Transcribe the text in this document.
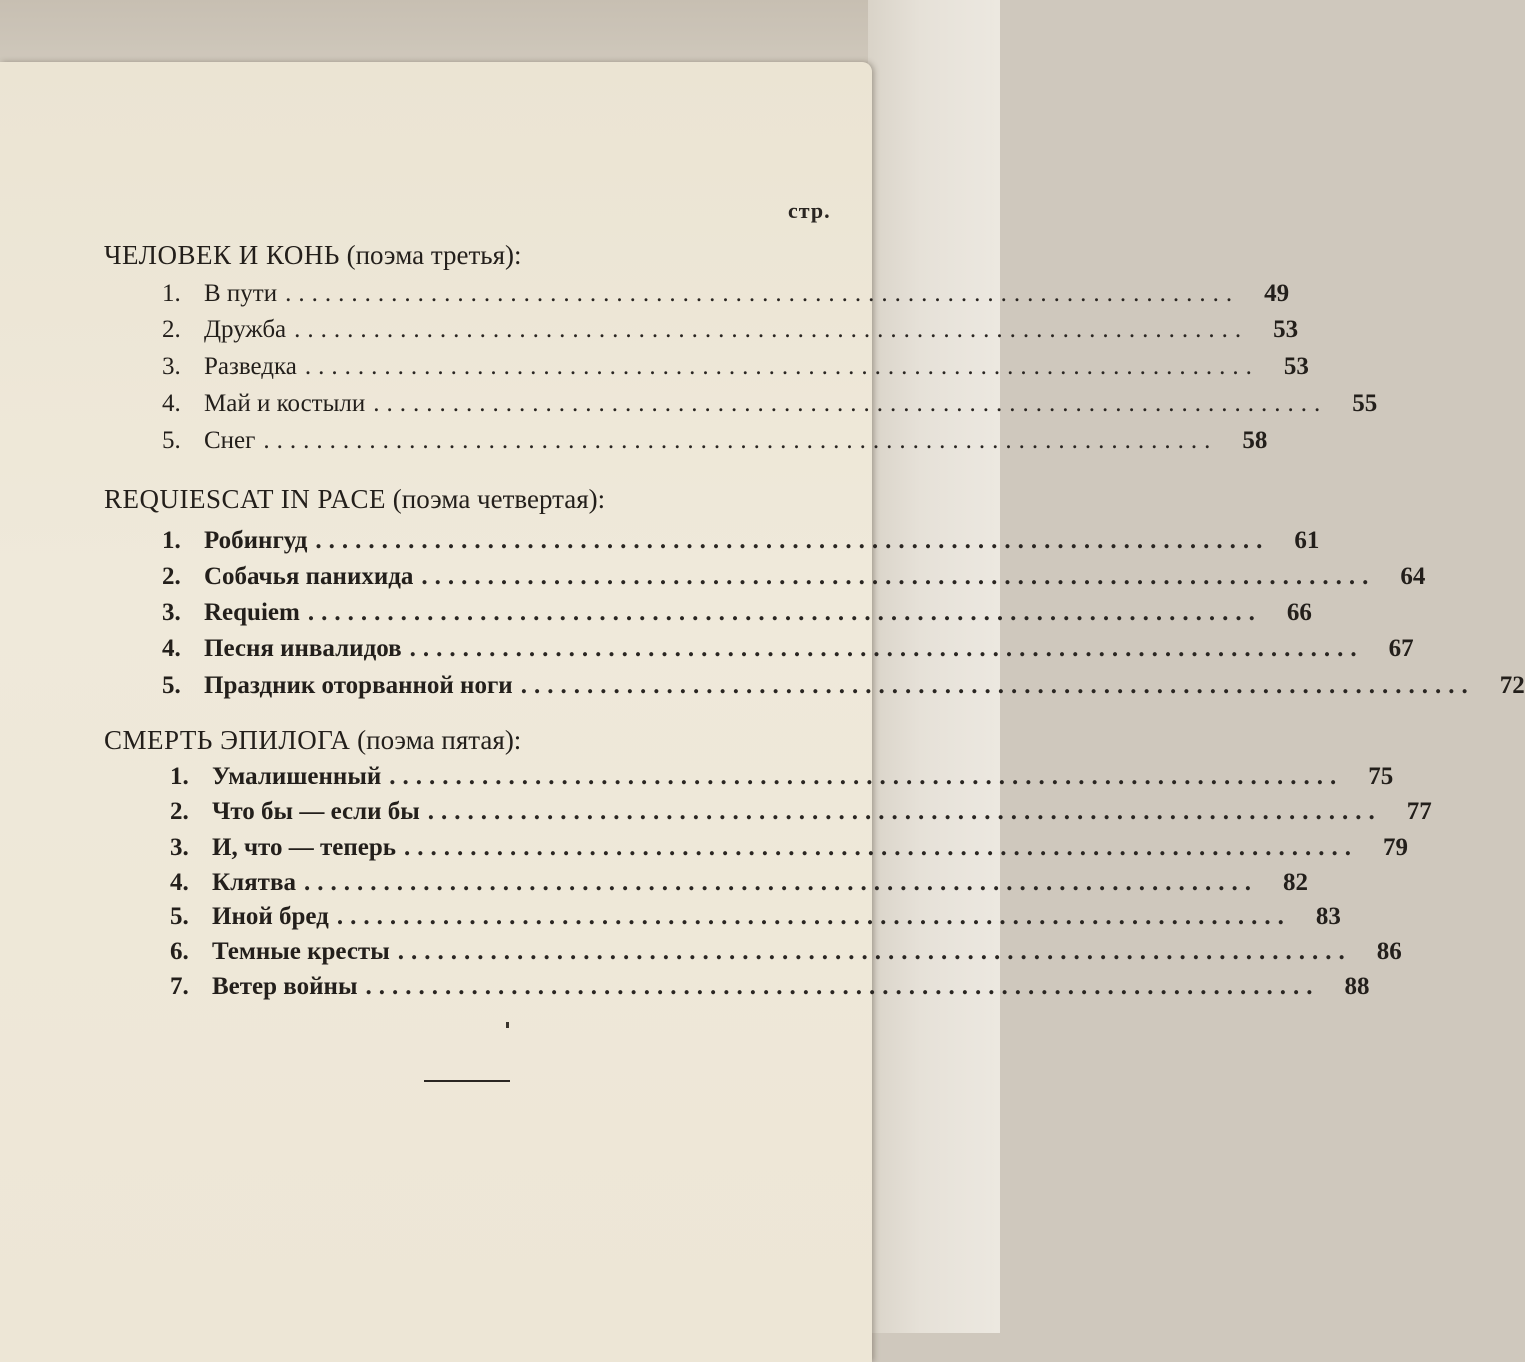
стр.
ЧЕЛОВЕК И КОНЬ (поэма третья):
1. В пути ........................................................................	49
2. Дружба ........................................................................	53
3. Разведка ........................................................................	53
4. Май и костыли ........................................................................	55
5. Снег ........................................................................	58
REQUIESCAT IN PACE (поэма четвертая):
1. Робингуд ........................................................................	61
2. Собачья панихида ........................................................................	64
3. Requiem ........................................................................	66
4. Песня инвалидов ........................................................................	67
5. Праздник оторванной ноги ........................................................................	72
СМЕРТЬ ЭПИЛОГА (поэма пятая):
1. Умалишенный ........................................................................	75
2. Что бы — если бы ........................................................................	77
3. И, что — теперь ........................................................................	79
4. Клятва ........................................................................	82
5. Иной бред ........................................................................	83
6. Темные кресты ........................................................................	86
7. Ветер войны ........................................................................	88
